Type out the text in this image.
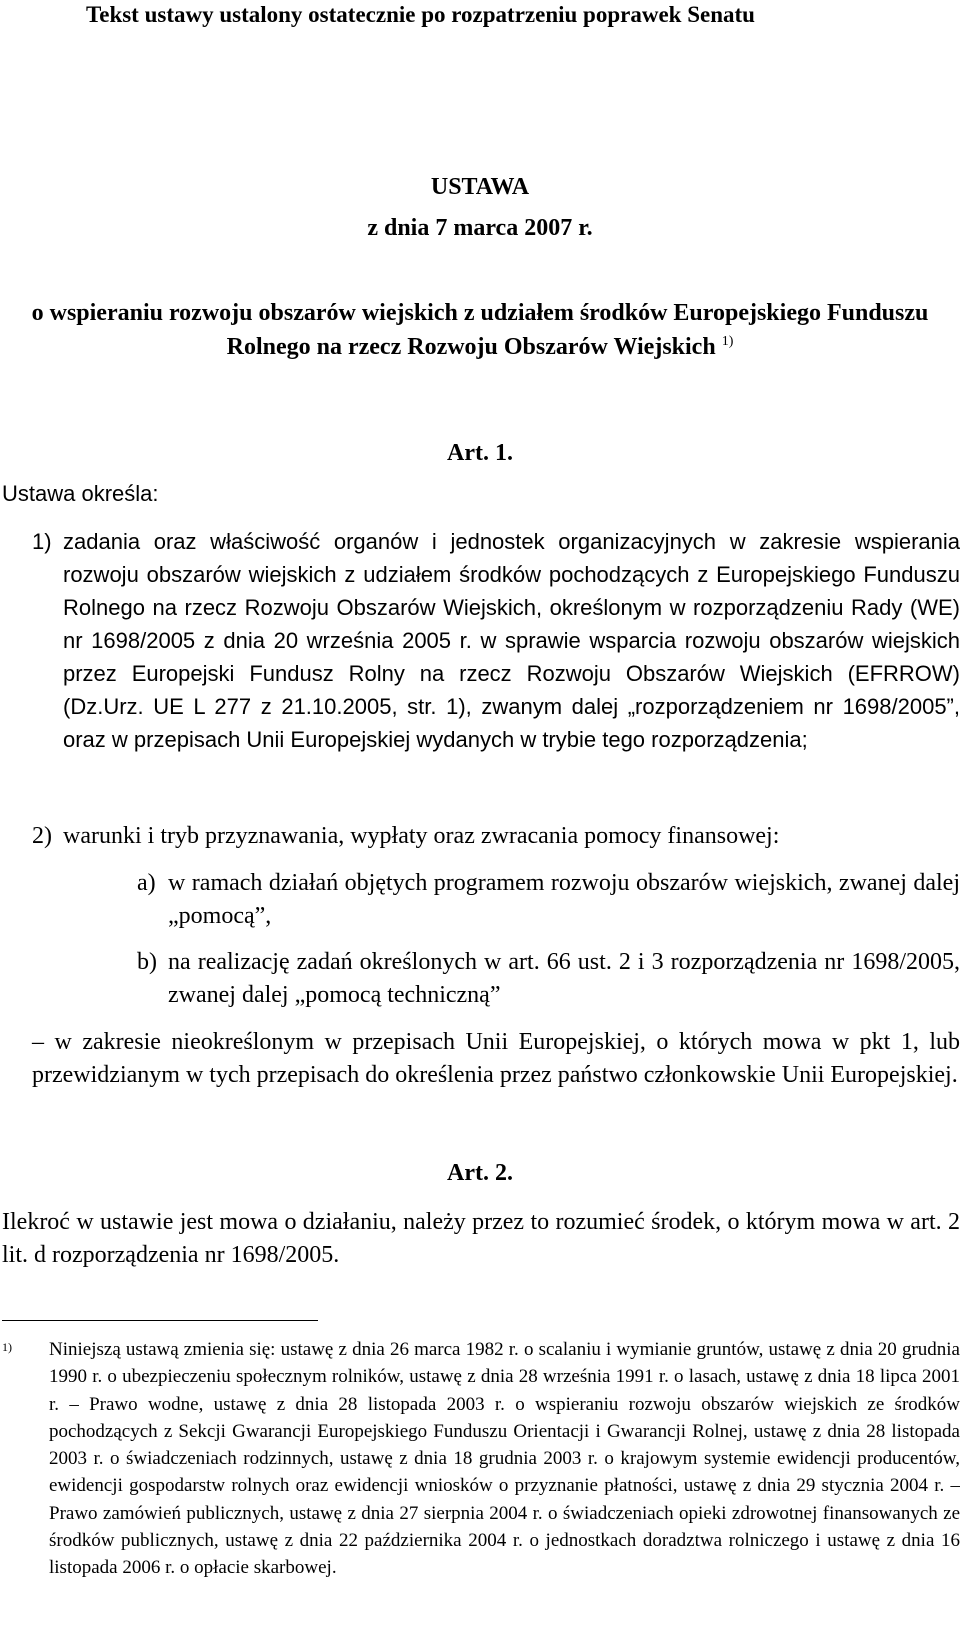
Tekst ustawy ustalony ostatecznie po rozpatrzeniu poprawek Senatu

USTAWA

z dnia 7 marca 2007 r.

o wspieraniu rozwoju obszarów wiejskich z udziałem środków Europejskiego Funduszu Rolnego na rzecz Rozwoju Obszarów Wiejskich $^{1)}$

Art. 1.

Ustawa określa:

1) zadania oraz właściwość organów i jednostek organizacyjnych w zakresie wspierania rozwoju obszarów wiejskich z udziałem środków pochodzących z Europejskiego Funduszu Rolnego na rzecz Rozwoju Obszarów Wiejskich, określonym w rozporządzeniu Rady (WE) nr 1698/2005 z dnia 20 września 2005 r. w sprawie wsparcia rozwoju obszarów wiejskich przez Europejski Fundusz Rolny na rzecz Rozwoju Obszarów Wiejskich (EFRROW) (Dz.Urz. UE L 277 z 21.10.2005, str. 1), zwanym dalej „rozporządzeniem nr 1698/2005”, oraz w przepisach Unii Europejskiej wydanych w trybie tego rozporządzenia;
2) warunki i tryb przyznawania, wypłaty oraz zwracania pomocy finansowej:
a) w ramach działań objętych programem rozwoju obszarów wiejskich, zwanej dalej „pomocą”,
b) na realizację zadań określonych w art. 66 ust. 2 i 3 rozporządzenia nr 1698/2005, zwanej dalej „pomocą techniczną”

– w zakresie nieokreślonym w przepisach Unii Europejskiej, o których mowa w pkt 1, lub przewidzianym w tych przepisach do określenia przez państwo członkowskie Unii Europejskiej.

Art. 2.

Ilekroć w ustawie jest mowa o działaniu, należy przez to rozumieć środek, o którym mowa w art. 2 lit. d rozporządzenia nr 1698/2005.

1) Niniejszą ustawą zmienia się: ustawę z dnia 26 marca 1982 r. o scalaniu i wymianie gruntów, ustawę z dnia 20 grudnia 1990 r. o ubezpieczeniu społecznym rolników, ustawę z dnia 28 września 1991 r. o lasach, ustawę z dnia 18 lipca 2001 r. – Prawo wodne, ustawę z dnia 28 listopada 2003 r. o wspieraniu rozwoju obszarów wiejskich ze środków pochodzących z Sekcji Gwarancji Europejskiego Funduszu Orientacji i Gwarancji Rolnej, ustawę z dnia 28 listopada 2003 r. o świadczeniach rodzinnych, ustawę z dnia 18 grudnia 2003 r. o krajowym systemie ewidencji producentów, ewidencji gospodarstw rolnych oraz ewidencji wniosków o przyznanie płatności, ustawę z dnia 29 stycznia 2004 r. – Prawo zamówień publicznych, ustawę z dnia 27 sierpnia 2004 r. o świadczeniach opieki zdrowotnej finansowanych ze środków publicznych, ustawę z dnia 22 października 2004 r. o jednostkach doradztwa rolniczego i ustawę z dnia 16 listopada 2006 r. o opłacie skarbowej.
